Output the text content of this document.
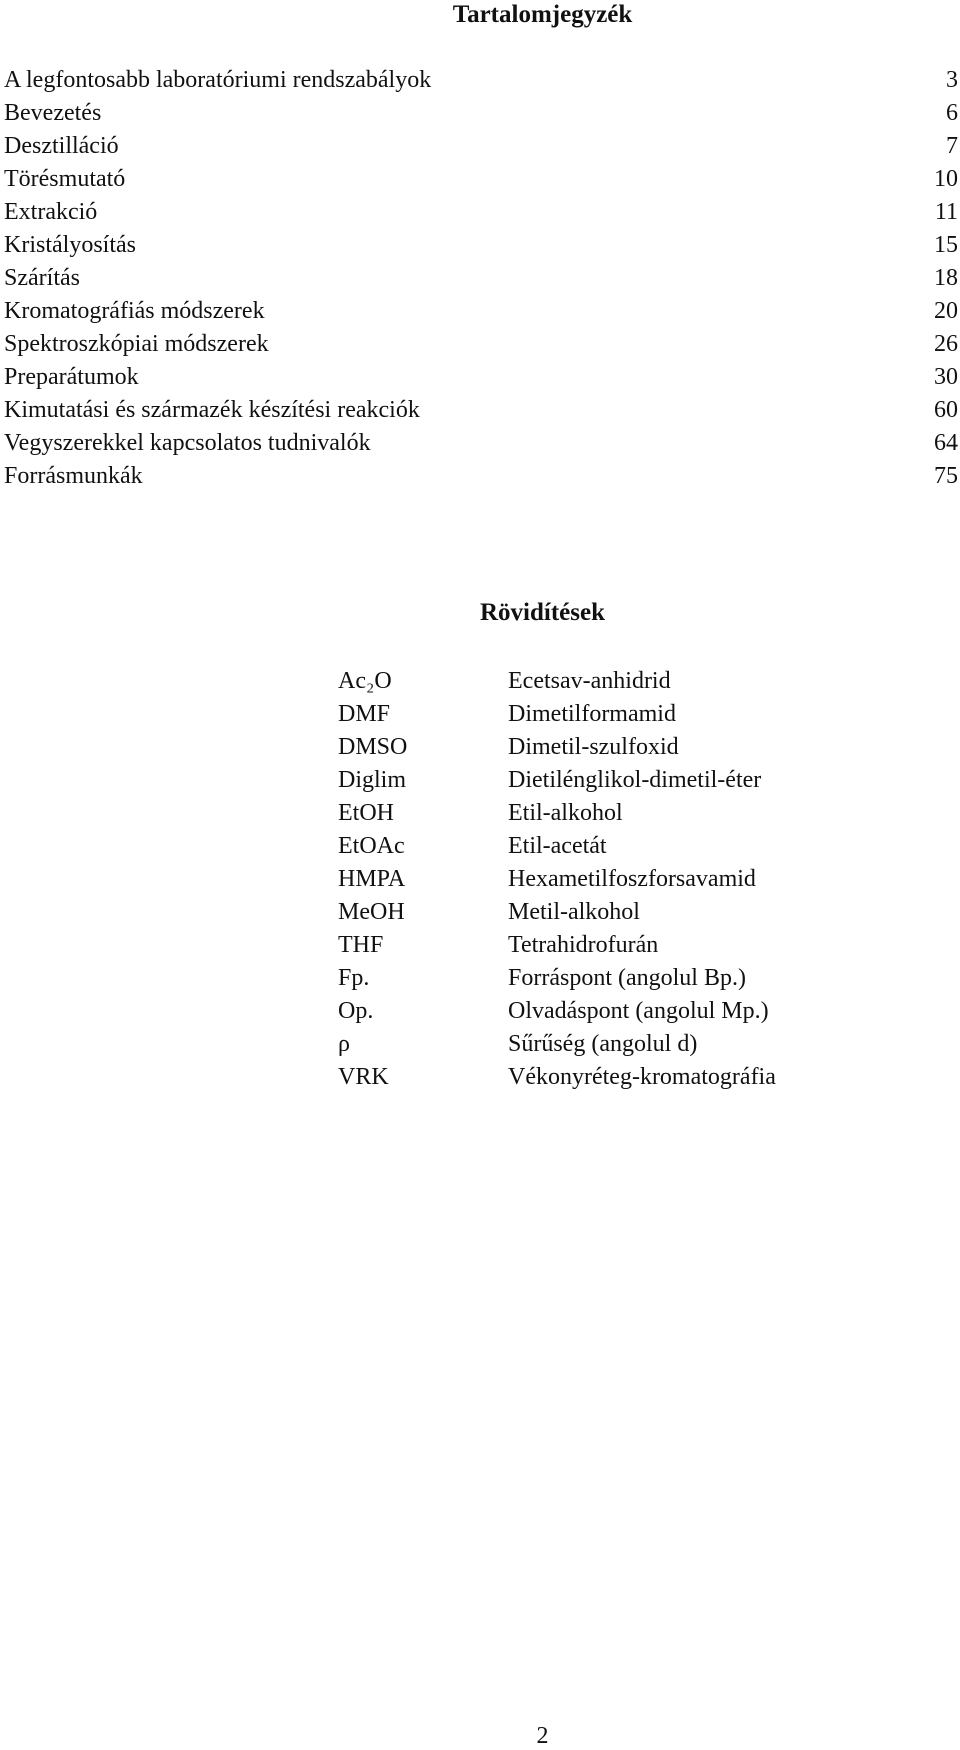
Tartalomjegyzék
A legfontosabb laboratóriumi rendszabályok	3
Bevezetés	6
Desztilláció	7
Törésmutató	10
Extrakció	11
Kristályosítás	15
Szárítás	18
Kromatográfiás módszerek	20
Spektroszkópiai módszerek	26
Preparátumok	30
Kimutatási és származék készítési reakciók	60
Vegyszerekkel kapcsolatos tudnivalók	64
Forrásmunkák	75
Rövidítések
Ac₂O	Ecetsav-anhidrid
DMF	Dimetilformamid
DMSO	Dimetil-szulfoxid
Diglim	Dietilénglikol-dimetil-éter
EtOH	Etil-alkohol
EtOAc	Etil-acetát
HMPA	Hexametilfoszforsavamid
MeOH	Metil-alkohol
THF	Tetrahidrofurán
Fp.	Forráspont (angolul Bp.)
Op.	Olvadáspont (angolul Mp.)
ρ	Sűrűség (angolul d)
VRK	Vékonyréteg-kromatográfia
2
